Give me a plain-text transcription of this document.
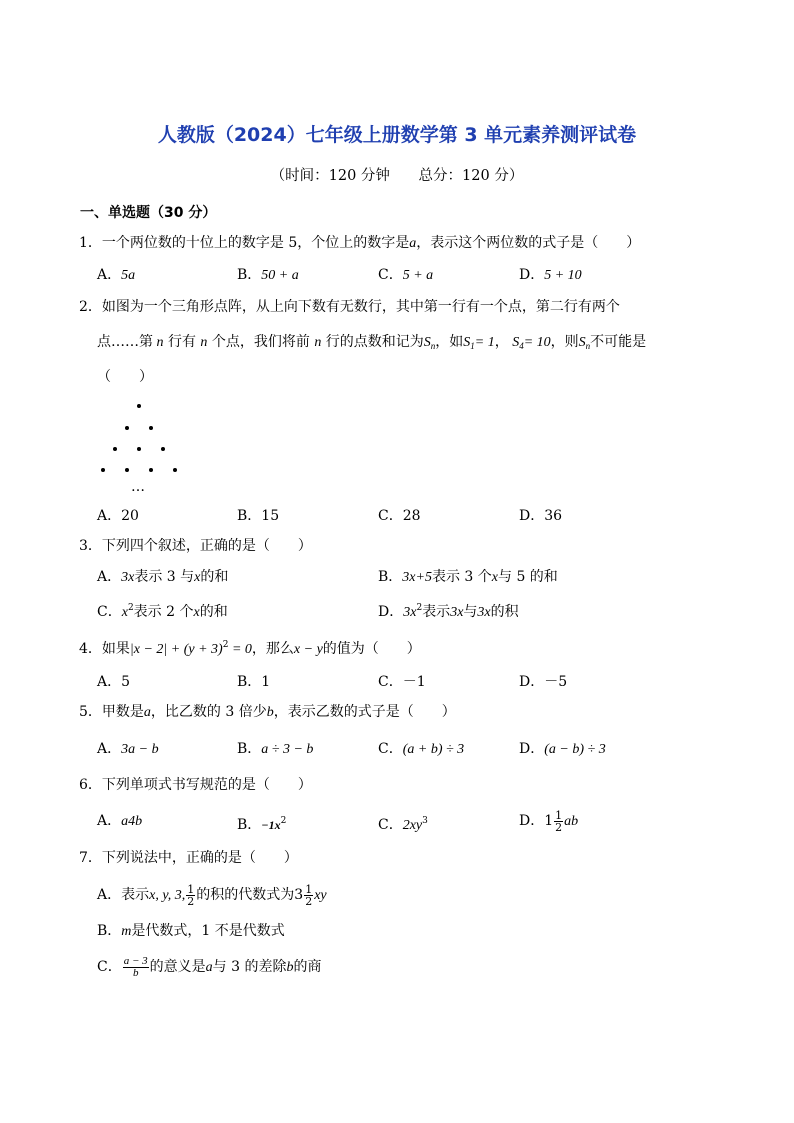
人教版（2024）七年级上册数学第 3 单元素养测评试卷
（时间：120 分钟 总分：120 分）
一、单选题（30 分）
1．一个两位数的十位上的数字是 5，个位上的数字是a，表示这个两位数的式子是（　　）
A．5a	B．50 + a	C．5 + a	D．5 + 10
2．如图为一个三角形点阵，从上向下数有无数行，其中第一行有一个点，第二行有两个
点……第 n 行有 n 个点，我们将前 n 行的点数和记为$S_n$，如$S_1= 1$， $S_4= 10$，则$S_n$不可能是
（　　）
…
A．20	B．15	C．28	D．36
3．下列四个叙述，正确的是（　　）
A．3x表示 3 与x的和	B．3x+5表示 3 个x与 5 的和
C．$x^2$表示 2 个x的和	D．$3x^2$表示3x与3x的积
4．如果$|x - 2| + (y + 3)^2 = 0$，那么x − y的值为（　　）
A．5	B．1	C．－1	D．－5
5．甲数是a，比乙数的 3 倍少b，表示乙数的式子是（　　）
A．3a − b	B．a ÷ 3 − b	C．(a + b) ÷ 3	D．(a − b) ÷ 3
6．下列单项式书写规范的是（　　）
A．a4b	B．$-1x^2$	C．$2xy^3$	D．$1 \frac{1}{2}$ ab
7．下列说法中，正确的是（　　）
A．表示x, y, 3, $\frac{1}{2}$ 的积的代数式为$3 \frac{1}{2}$ xy
B．m是代数式，1 不是代数式
C． $\frac{a - 3}{b}$ 的意义是a与 3 的差除b的商
